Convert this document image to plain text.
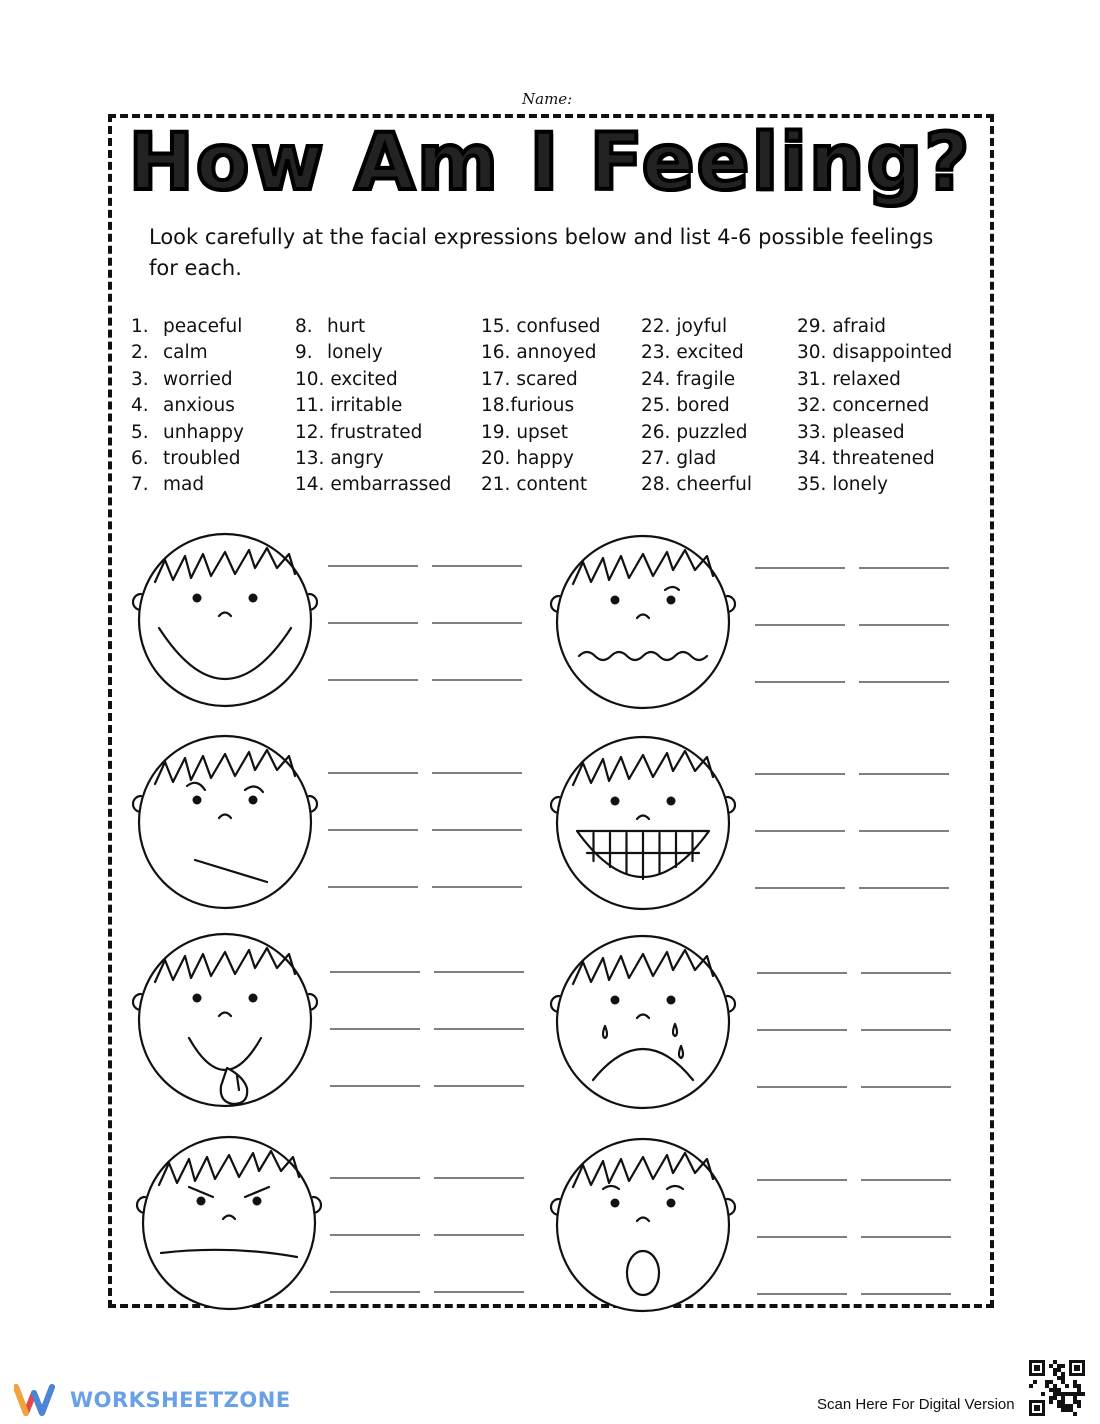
Name:
How Am I Feeling?
Look carefully at the facial expressions below and list 4-6 possible feelings for each.
1. peaceful
2. calm
3. worried
4. anxious
5. unhappy
6. troubled
7. mad
8. hurt
9. lonely
10. excited
11. irritable
12. frustrated
13. angry
14. embarrassed
15. confused
16. annoyed
17. scared
18.furious
19. upset
20. happy
21. content
22. joyful
23. excited
24. fragile
25. bored
26. puzzled
27. glad
28. cheerful
29. afraid
30. disappointed
31. relaxed
32. concerned
33. pleased
34. threatened
35. lonely
WORKSHEETZONE	Scan Here For Digital Version
